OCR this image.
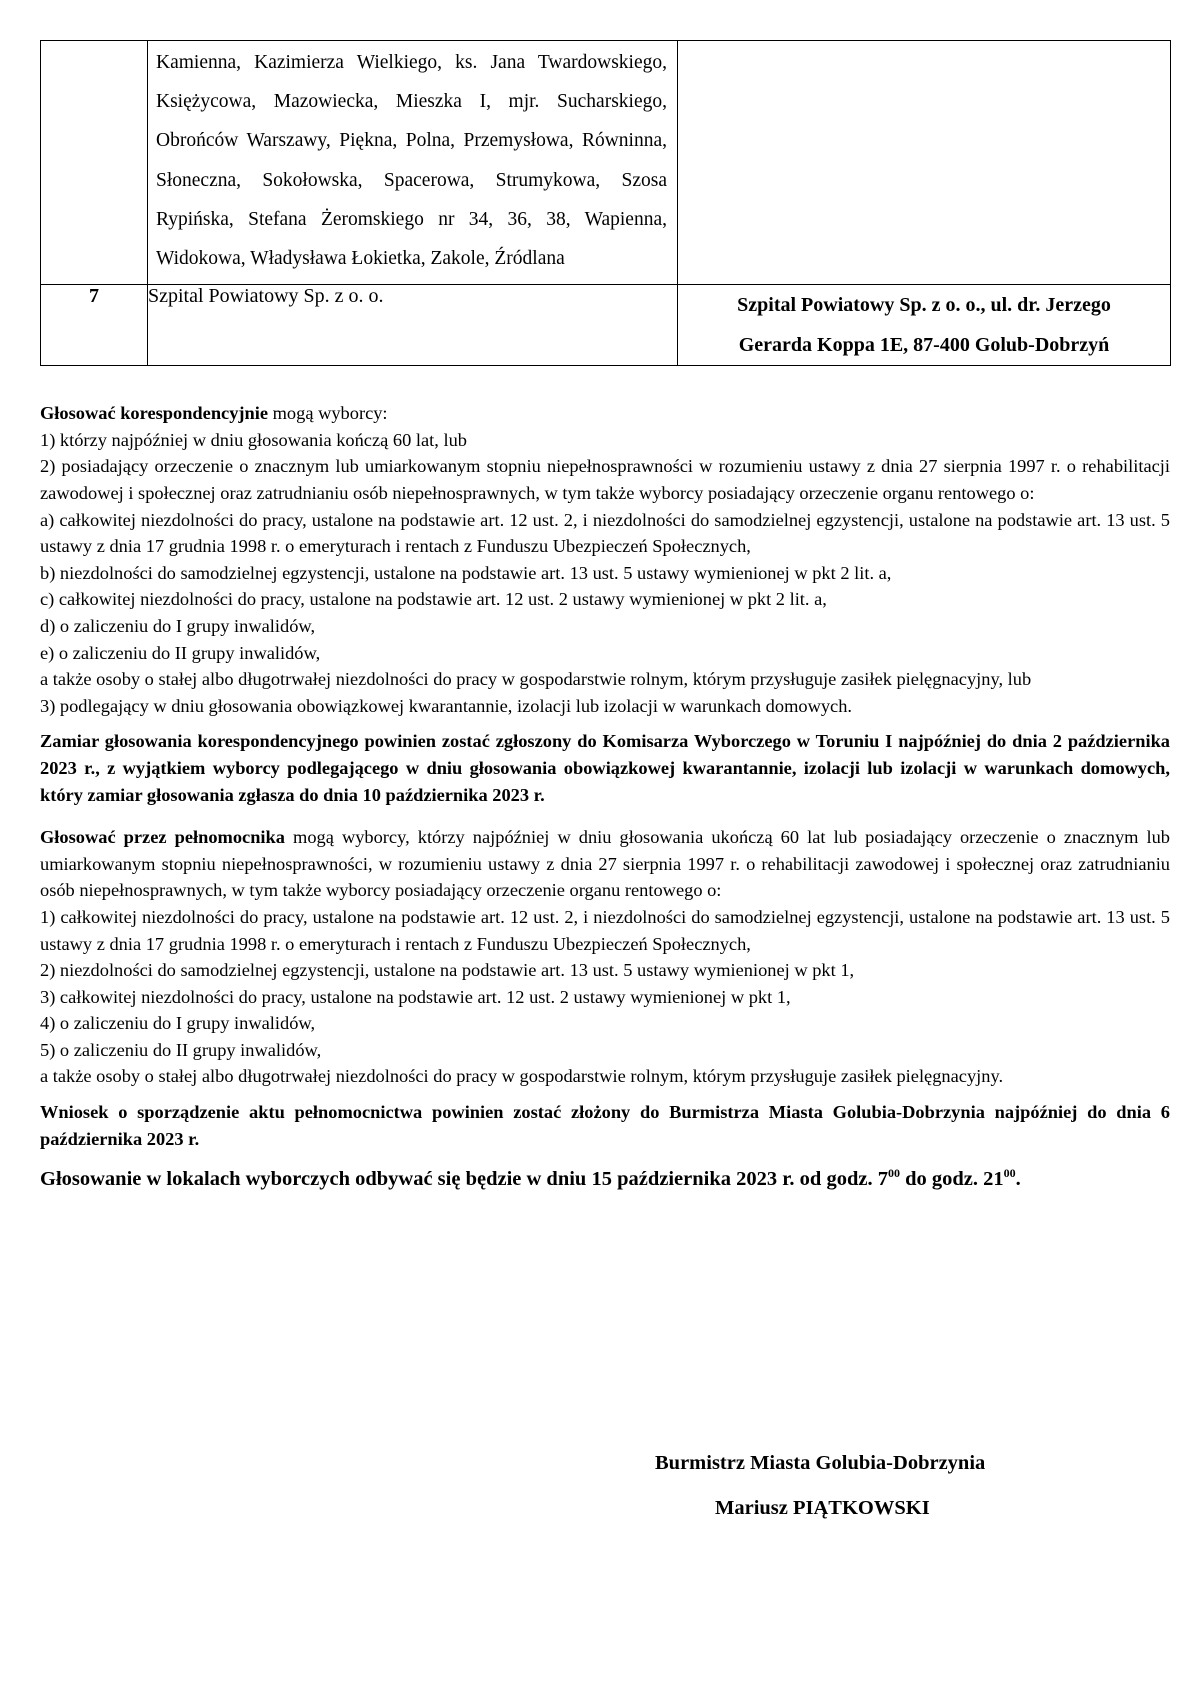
	Kamienna, Kazimierza Wielkiego, ks. Jana Twardowskiego, Księżycowa, Mazowiecka, Mieszka I, mjr. Sucharskiego, Obrońców Warszawy, Piękna, Polna, Przemysłowa, Równinna, Słoneczna, Sokołowska, Spacerowa, Strumykowa, Szosa Rypińska, Stefana Żeromskiego nr 34, 36, 38, Wapienna, Widokowa, Władysława Łokietka, Zakole, Źródlana	

7	Szpital Powiatowy Sp. z o. o.	Szpital Powiatowy Sp. z o. o., ul. dr. Jerzego
Gerarda Koppa 1E, 87-400 Golub-Dobrzyń

Głosować korespondencyjnie mogą wyborcy:

1) którzy najpóźniej w dniu głosowania kończą 60 lat, lub

2) posiadający orzeczenie o znacznym lub umiarkowanym stopniu niepełnosprawności w rozumieniu ustawy z dnia 27 sierpnia 1997 r. o rehabilitacji zawodowej i społecznej oraz zatrudnianiu osób niepełnosprawnych, w tym także wyborcy posiadający orzeczenie organu rentowego o:

a) całkowitej niezdolności do pracy, ustalone na podstawie art. 12 ust. 2, i niezdolności do samodzielnej egzystencji, ustalone na podstawie art. 13 ust. 5 ustawy z dnia 17 grudnia 1998 r. o emeryturach i rentach z Funduszu Ubezpieczeń Społecznych,

b) niezdolności do samodzielnej egzystencji, ustalone na podstawie art. 13 ust. 5 ustawy wymienionej w pkt 2 lit. a,

c) całkowitej niezdolności do pracy, ustalone na podstawie art. 12 ust. 2 ustawy wymienionej w pkt 2 lit. a,

d) o zaliczeniu do I grupy inwalidów,

e) o zaliczeniu do II grupy inwalidów,

a także osoby o stałej albo długotrwałej niezdolności do pracy w gospodarstwie rolnym, którym przysługuje zasiłek pielęgnacyjny, lub

3) podlegający w dniu głosowania obowiązkowej kwarantannie, izolacji lub izolacji w warunkach domowych.

Zamiar głosowania korespondencyjnego powinien zostać zgłoszony do Komisarza Wyborczego w Toruniu I najpóźniej do dnia 2 października 2023 r., z wyjątkiem wyborcy podlegającego w dniu głosowania obowiązkowej kwarantannie, izolacji lub izolacji w warunkach domowych, który zamiar głosowania zgłasza do dnia 10 października 2023 r.

Głosować przez pełnomocnika mogą wyborcy, którzy najpóźniej w dniu głosowania ukończą 60 lat lub posiadający orzeczenie o znacznym lub umiarkowanym stopniu niepełnosprawności, w rozumieniu ustawy z dnia 27 sierpnia 1997 r. o rehabilitacji zawodowej i społecznej oraz zatrudnianiu osób niepełnosprawnych, w tym także wyborcy posiadający orzeczenie organu rentowego o:

1) całkowitej niezdolności do pracy, ustalone na podstawie art. 12 ust. 2, i niezdolności do samodzielnej egzystencji, ustalone na podstawie art. 13 ust. 5 ustawy z dnia 17 grudnia 1998 r. o emeryturach i rentach z Funduszu Ubezpieczeń Społecznych,

2) niezdolności do samodzielnej egzystencji, ustalone na podstawie art. 13 ust. 5 ustawy wymienionej w pkt 1,

3) całkowitej niezdolności do pracy, ustalone na podstawie art. 12 ust. 2 ustawy wymienionej w pkt 1,

4) o zaliczeniu do I grupy inwalidów,

5) o zaliczeniu do II grupy inwalidów,

a także osoby o stałej albo długotrwałej niezdolności do pracy w gospodarstwie rolnym, którym przysługuje zasiłek pielęgnacyjny.

Wniosek o sporządzenie aktu pełnomocnictwa powinien zostać złożony do Burmistrza Miasta Golubia-Dobrzynia najpóźniej do dnia 6 października 2023 r.

Głosowanie w lokalach wyborczych odbywać się będzie w dniu 15 października 2023 r. od godz. $7^{00}$ do godz. $21^{00}$.

Burmistrz Miasta Golubia-Dobrzynia
Mariusz PIĄTKOWSKI
